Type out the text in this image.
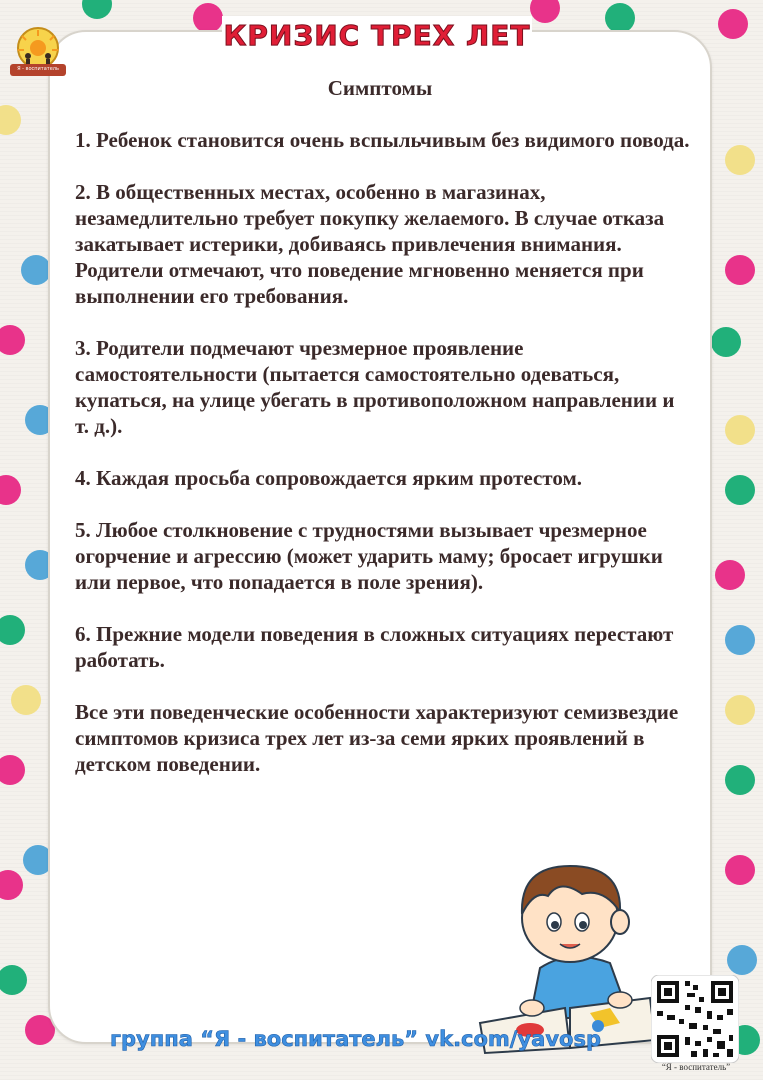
Я - воспитатель
КРИЗИС ТРЕХ ЛЕТ
Симптомы

1. Ребенок становится очень вспыльчивым без видимого повода.

2. В общественных местах, особенно в магазинах, незамедлительно требует покупку желаемого. В случае отказа закатывает истерики, добиваясь привлечения внимания. Родители отмечают, что поведение мгновенно меняется при выполнении его требования.

3. Родители подмечают чрезмерное проявление самостоятельности (пытается самостоятельно одеваться, купаться, на улице убегать в противоположном направлении и т. д.).

4. Каждая просьба сопровождается ярким протестом.

5. Любое столкновение с трудностями вызывает чрезмерное огорчение и агрессию (может ударить маму; бросает игрушки или первое, что попадается в поле зрения).

6. Прежние модели поведения в сложных ситуациях перестают работать.

Все эти поведенческие особенности характеризуют семизвездие симптомов кризиса трех лет из-за семи ярких проявлений в детском поведении.

группа “Я - воспитатель” vk.com/yavosp
“Я - воспитатель”
